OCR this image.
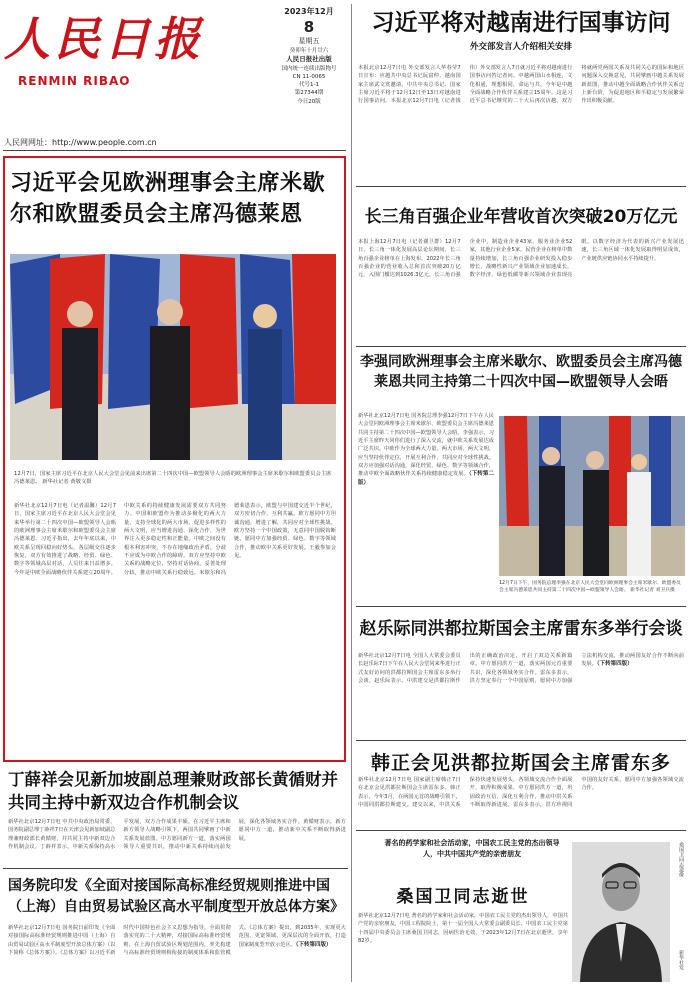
人民日报
RENMIN RIBAO
2023年12月
8
星期五
癸卯年十月廿六
人民日报社出版
国内统一连续出版物号
CN 11-0065
代号1-1
第27344期
今日20版
人民网网址：http://www.people.com.cn
习近平将对越南进行国事访问
外交部发言人介绍相关安排
本报北京12月7日电 外交部发言人华春莹7日宣布：应越共中央总书记阮富仲、越南国家主席武文赏邀请，中共中央总书记、国家主席习近平将于12月12日至13日对越南进行国事访问。本报北京12月7日电（记者钱伟）外交部发言人7日就习近平将对越南进行国事访问答记者问。中越两国山水相连，文化相通，理想相同，命运与共。今年是中越全面战略合作伙伴关系建立15周年。这是习近平总书记继党的二十大后再次访越，双方将就两党两国关系及共同关心的国际和地区问题深入交换意见，共同擘画中越关系发展新蓝图，推动中越全面战略合作伙伴关系迈上新台阶，为促进地区和平稳定与发展繁荣作出积极贡献。
习近平会见欧洲理事会主席米歇尔和欧盟委员会主席冯德莱恩
12月7日，国家主席习近平在北京人民大会堂会见前来出席第二十四次中国—欧盟领导人会晤的欧洲理事会主席米歇尔和欧盟委员会主席冯德莱恩。 新华社记者 黄敬文摄
新华社北京12月7日电（记者温馨）12月7日，国家主席习近平在北京人民大会堂会见来华举行第二十四次中国—欧盟领导人会晤的欧洲理事会主席米歇尔和欧盟委员会主席冯德莱恩。习近平指出，去年年底以来，中欧关系呈现回稳向好势头，各层级交往逐步恢复，双方有效推进了战略、经贸、绿色、数字等领域高层对话，人员往来日益增多。今年是中欧全面战略伙伴关系建立20周年。中欧关系的持续健康发展需要双方共同努力。中国和欧盟作为推动多极化的两大力量、支持全球化的两大市场、促进多样性的两大文明，应当增进沟通、深化合作，为世界注入更多稳定性和正能量。中欧之间没有根本利害冲突，不存在地缘政治矛盾，分歧不应成为中欧合作的障碍。双方应坚持中欧关系的战略定位，坚持对话协商，妥善处理分歧，推动中欧关系行稳致远。米歇尔和冯德莱恩表示，欧盟与中国建交近半个世纪，双方密切合作，互利共赢。欧方愿同中方坦诚沟通，增进了解，共同应对全球性挑战。欧方坚持一个中国政策，无意同中国脱钩断链，愿同中方加强经贸、绿色、数字等领域合作，推动欧中关系更好发展。王毅参加会见。
长三角百强企业年营收首次突破20万亿元
本报上海12月7日电（记者谢卫群）12月7日，长三角一体化发展高层论坛期间，长三角百强企业榜单在上海发布。2022年长三角百强企业的营业收入总和首次突破20万亿元，入围门槛达到1026.3亿元。长三角百强企业中，制造业企业43家，服务业企业52家，其他行业企业5家。民营企业在榜单中数量持续增加，长三角百强企业研发投入稳步增长，战略性新兴产业领域企业加速成长，数字经济、绿色低碳等新兴领域企业表现亮眼。以数字经济为代表的新兴产业发展迅速，长三角区域一体化发展取得明显成效，产业链供应链协同水平持续提升。
李强同欧洲理事会主席米歇尔、欧盟委员会主席冯德莱恩共同主持第二十四次中国—欧盟领导人会晤
新华社北京12月7日电 国务院总理李强12月7日下午在人民大会堂同欧洲理事会主席米歇尔、欧盟委员会主席冯德莱恩共同主持第二十四次中国—欧盟领导人会晤。李强表示，习近平主席昨天同你们进行了深入交流，就中欧关系发展达成广泛共识。中欧作为全球两大力量、两大市场、两大文明，应当坚持伙伴定位，开展互利合作，共同应对全球性挑战。双方应加强对话沟通，深化经贸、绿色、数字等领域合作，推动中欧全面战略伙伴关系持续健康稳定发展。（下转第二版）
12月7日下午，国务院总理李强在北京人民大会堂同欧洲理事会主席米歇尔、欧盟委员会主席冯德莱恩共同主持第二十四次中国—欧盟领导人会晤。 新华社记者 刘卫兵摄
赵乐际同洪都拉斯国会主席雷东多举行会谈
新华社北京12月7日电 全国人大常委会委员长赵乐际7日下午在人民大会堂同来华进行正式友好访问的洪都拉斯国会主席雷东多举行会谈。赵乐际表示，中洪建交是洪都拉斯作出的正确政治决定，开启了双边关系新篇章。中方愿同洪方一道，落实两国元首重要共识，深化各领域务实合作。雷东多表示，洪方坚定奉行一个中国原则，愿同中方加强立法机构交流，推动两国友好合作不断向前发展。（下转第四版）
丁薛祥会见新加坡副总理兼财政部长黄循财并共同主持中新双边合作机制会议
新华社北京12月7日电 中共中央政治局常委、国务院副总理丁薛祥7日在天津会见新加坡副总理兼财政部长黄循财，并共同主持中新双边合作机制会议。丁薛祥表示，中新关系保持高水平发展，双方合作成果丰硕。在习近平主席和新方领导人战略引领下，两国共同擘画了中新关系发展蓝图。中方愿同新方一道，落实两国领导人重要共识，推动中新关系持续向前发展，深化各领域务实合作。黄循财表示，新方愿同中方一道，推动新中关系不断取得新进展。
韩正会见洪都拉斯国会主席雷东多
新华社北京12月7日电 国家副主席韩正7日在北京会见洪都拉斯国会主席雷东多。韩正表示，今年3月，在两国元首的战略引领下，中国同洪都拉斯建交。建交以来，中洪关系保持快速发展势头，各领域交流合作全面展开，取得积极成果。中方愿同洪方一道，巩固政治互信，深化互利合作，推动中洪关系不断取得新进展。雷东多表示，洪方珍视同中国的友好关系，愿同中方加强各领域交流合作。
国务院印发《全面对接国际高标准经贸规则推进中国（上海）自由贸易试验区高水平制度型开放总体方案》
新华社北京12月7日电 国务院日前印发《全面对接国际高标准经贸规则推进中国（上海）自由贸易试验区高水平制度型开放总体方案》（以下简称《总体方案》）。《总体方案》以习近平新时代中国特色社会主义思想为指导，全面贯彻落实党的二十大精神，对接国际高标准经贸规则，在上海自贸试验区规划范围内，率先构建与高标准经贸规则相衔接的制度体系和监管模式。《总体方案》提出，到2035年，实现更大范围、更宽领域、更深层次的全面开放，打造国家制度型开放示范区。（下转第四版）
著名的药学家和社会活动家，中国农工民主党的杰出领导人，中共中国共产党的亲密朋友
桑国卫同志逝世
新华社北京12月7日电 著名的药学家和社会活动家，中国农工民主党的杰出领导人，中国共产党的亲密朋友，中国工程院院士，第十一届全国人大常委会副委员长、中国农工民主党第十四届中央委员会主席桑国卫同志，因病医治无效，于2023年12月7日在北京逝世，享年82岁。
桑国卫同志遗像
新华社发
